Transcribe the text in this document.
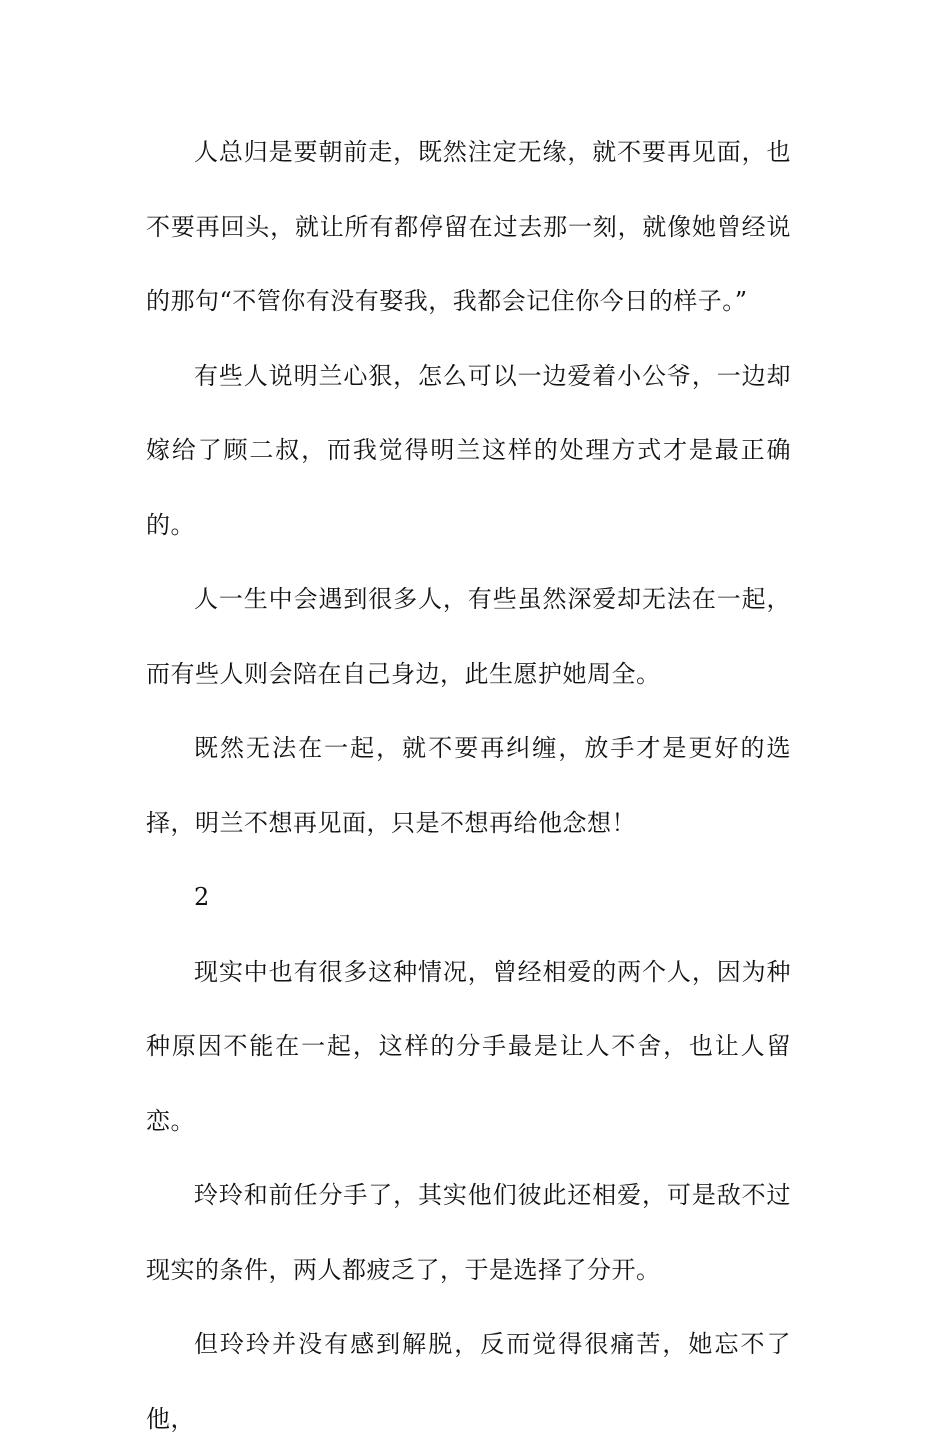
人总归是要朝前走，既然注定无缘，就不要再见面，也不要再回头，就让所有都停留在过去那一刻，就像她曾经说的那句“不管你有没有娶我，我都会记住你今日的样子。”

有些人说明兰心狠，怎么可以一边爱着小公爷，一边却嫁给了顾二叔，而我觉得明兰这样的处理方式才是最正确的。

人一生中会遇到很多人，有些虽然深爱却无法在一起，而有些人则会陪在自己身边，此生愿护她周全。

既然无法在一起，就不要再纠缠，放手才是更好的选择，明兰不想再见面，只是不想再给他念想！

2

现实中也有很多这种情况，曾经相爱的两个人，因为种种原因不能在一起，这样的分手最是让人不舍，也让人留恋。

玲玲和前任分手了，其实他们彼此还相爱，可是敌不过现实的条件，两人都疲乏了，于是选择了分开。

但玲玲并没有感到解脱，反而觉得很痛苦，她忘不了他，
